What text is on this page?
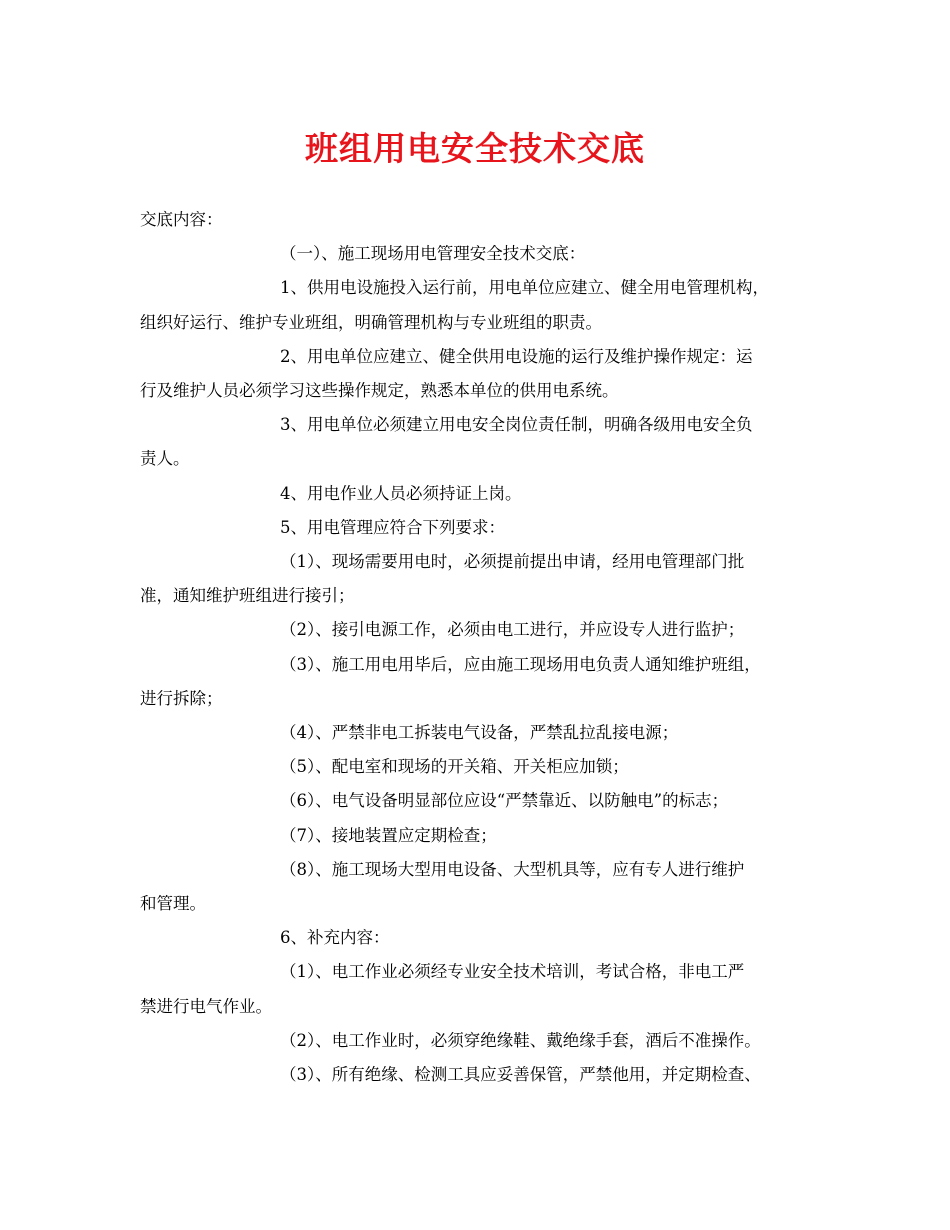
班组用电安全技术交底
交底内容：
（一）、施工现场用电管理安全技术交底：
1、供用电设施投入运行前，用电单位应建立、健全用电管理机构，
组织好运行、维护专业班组，明确管理机构与专业班组的职责。
2、用电单位应建立、健全供用电设施的运行及维护操作规定：运
行及维护人员必须学习这些操作规定，熟悉本单位的供用电系统。
3、用电单位必须建立用电安全岗位责任制，明确各级用电安全负
责人。
4、用电作业人员必须持证上岗。
5、用电管理应符合下列要求：
（1）、现场需要用电时，必须提前提出申请，经用电管理部门批
准，通知维护班组进行接引；
（2）、接引电源工作，必须由电工进行，并应设专人进行监护；
（3）、施工用电用毕后，应由施工现场用电负责人通知维护班组，
进行拆除；
（4）、严禁非电工拆装电气设备，严禁乱拉乱接电源；
（5）、配电室和现场的开关箱、开关柜应加锁；
（6）、电气设备明显部位应设“严禁靠近、以防触电”的标志；
（7）、接地装置应定期检查；
（8）、施工现场大型用电设备、大型机具等，应有专人进行维护
和管理。
6、补充内容：
（1）、电工作业必须经专业安全技术培训，考试合格，非电工严
禁进行电气作业。
（2）、电工作业时，必须穿绝缘鞋、戴绝缘手套，酒后不准操作。
（3）、所有绝缘、检测工具应妥善保管，严禁他用，并定期检查、
